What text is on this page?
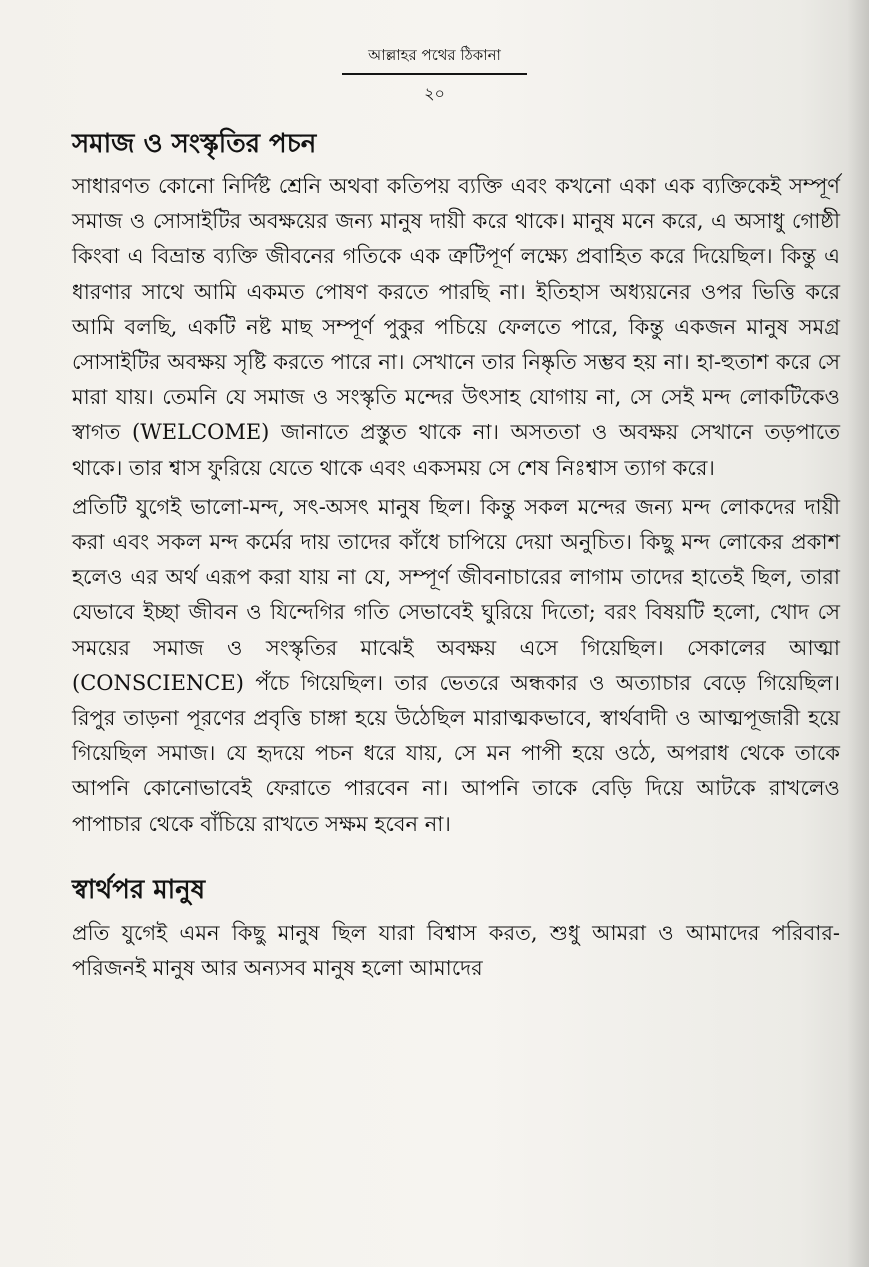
আল্লাহর পথের ঠিকানা
২০
সমাজ ও সংস্কৃতির পচন

সাধারণত কোনো নির্দিষ্ট শ্রেনি অথবা কতিপয় ব্যক্তি এবং কখনো একা এক ব্যক্তিকেই সম্পূর্ণ সমাজ ও সোসাইটির অবক্ষয়ের জন্য মানুষ দায়ী করে থাকে। মানুষ মনে করে, এ অসাধু গোষ্ঠী কিংবা এ বিভ্রান্ত ব্যক্তি জীবনের গতিকে এক ত্রুটিপূর্ণ লক্ষ্যে প্রবাহিত করে দিয়েছিল। কিন্তু এ ধারণার সাথে আমি একমত পোষণ করতে পারছি না। ইতিহাস অধ্যয়নের ওপর ভিত্তি করে আমি বলছি, একটি নষ্ট মাছ সম্পূর্ণ পুকুর পচিয়ে ফেলতে পারে, কিন্তু একজন মানুষ সমগ্র সোসাইটির অবক্ষয় সৃষ্টি করতে পারে না। সেখানে তার নিষ্কৃতি সম্ভব হয় না। হা-হুতাশ করে সে মারা যায়। তেমনি যে সমাজ ও সংস্কৃতি মন্দের উৎসাহ যোগায় না, সে সেই মন্দ লোকটিকেও স্বাগত (WELCOME) জানাতে প্রস্তুত থাকে না। অসততা ও অবক্ষয় সেখানে তড়পাতে থাকে। তার শ্বাস ফুরিয়ে যেতে থাকে এবং একসময় সে শেষ নিঃশ্বাস ত্যাগ করে।

প্রতিটি যুগেই ভালো-মন্দ, সৎ-অসৎ মানুষ ছিল। কিন্তু সকল মন্দের জন্য মন্দ লোকদের দায়ী করা এবং সকল মন্দ কর্মের দায় তাদের কাঁধে চাপিয়ে দেয়া অনুচিত। কিছু মন্দ লোকের প্রকাশ হলেও এর অর্থ এরূপ করা যায় না যে, সম্পূর্ণ জীবনাচারের লাগাম তাদের হাতেই ছিল, তারা যেভাবে ইচ্ছা জীবন ও যিন্দেগির গতি সেভাবেই ঘুরিয়ে দিতো; বরং বিষয়টি হলো, খোদ সে সময়ের সমাজ ও সংস্কৃতির মাঝেই অবক্ষয় এসে গিয়েছিল। সেকালের আত্মা (CONSCIENCE) পঁচে গিয়েছিল। তার ভেতরে অন্ধকার ও অত্যাচার বেড়ে গিয়েছিল। রিপুর তাড়না পূরণের প্রবৃত্তি চাঙ্গা হয়ে উঠেছিল মারাত্মকভাবে, স্বার্থবাদী ও আত্মপূজারী হয়ে গিয়েছিল সমাজ। যে হৃদয়ে পচন ধরে যায়, সে মন পাপী হয়ে ওঠে, অপরাধ থেকে তাকে আপনি কোনোভাবেই ফেরাতে পারবেন না। আপনি তাকে বেড়ি দিয়ে আটকে রাখলেও পাপাচার থেকে বাঁচিয়ে রাখতে সক্ষম হবেন না।

স্বার্থপর মানুষ

প্রতি যুগেই এমন কিছু মানুষ ছিল যারা বিশ্বাস করত, শুধু আমরা ও আমাদের পরিবার-পরিজনই মানুষ আর অন্যসব মানুষ হলো আমাদের
